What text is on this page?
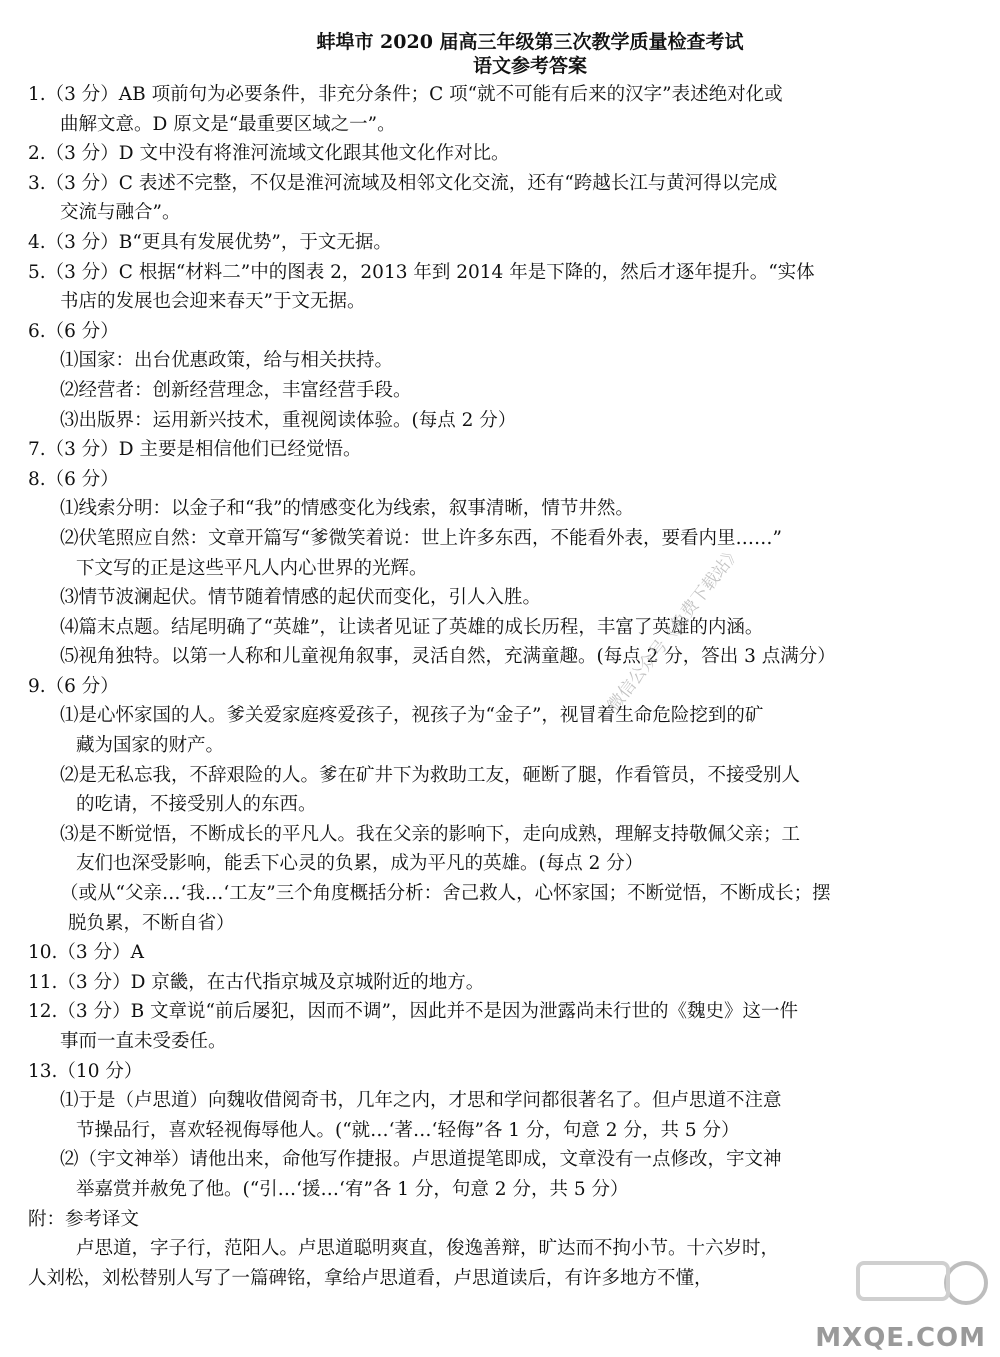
蚌埠市 2020 届高三年级第三次教学质量检查考试
语文参考答案
1.（3 分）AB 项前句为必要条件，非充分条件；C 项“就不可能有后来的汉字”表述绝对化或
曲解文意。D 原文是“最重要区域之一”。
2.（3 分）D 文中没有将淮河流域文化跟其他文化作对比。
3.（3 分）C 表述不完整，不仅是淮河流域及相邻文化交流，还有“跨越长江与黄河得以完成
交流与融合”。
4.（3 分）B“更具有发展优势”，于文无据。
5.（3 分）C 根据“材料二”中的图表 2，2013 年到 2014 年是下降的，然后才逐年提升。“实体
书店的发展也会迎来春天”于文无据。
6.（6 分）
⑴国家：出台优惠政策，给与相关扶持。
⑵经营者：创新经营理念，丰富经营手段。
⑶出版界：运用新兴技术，重视阅读体验。(每点 2 分）
7.（3 分）D 主要是相信他们已经觉悟。
8.（6 分）
⑴线索分明：以金子和“我”的情感变化为线索，叙事清晰，情节井然。
⑵伏笔照应自然：文章开篇写“爹微笑着说：世上许多东西，不能看外表，要看内里……”
下文写的正是这些平凡人内心世界的光辉。
⑶情节波澜起伏。情节随着情感的起伏而变化，引人入胜。
⑷篇末点题。结尾明确了“英雄”，让读者见证了英雄的成长历程，丰富了英雄的内涵。
⑸视角独特。以第一人称和儿童视角叙事，灵活自然，充满童趣。(每点 2 分，答出 3 点满分）
9.（6 分）
⑴是心怀家国的人。爹关爱家庭疼爱孩子，视孩子为“金子”，视冒着生命危险挖到的矿
藏为国家的财产。
⑵是无私忘我，不辞艰险的人。爹在矿井下为救助工友，砸断了腿，作看管员，不接受别人
的吃请，不接受别人的东西。
⑶是不断觉悟，不断成长的平凡人。我在父亲的影响下，走向成熟，理解支持敬佩父亲；工
友们也深受影响，能丢下心灵的负累，成为平凡的英雄。(每点 2 分）
（或从“父亲…‘我…‘工友”三个角度概括分析：舍己救人，心怀家国；不断觉悟，不断成长；摆
脱负累，不断自省）
10.（3 分）A
11.（3 分）D 京畿，在古代指京城及京城附近的地方。
12.（3 分）B 文章说“前后屡犯，因而不调”，因此并不是因为泄露尚未行世的《魏史》这一件
事而一直未受委任。
13.（10 分）
⑴于是（卢思道）向魏收借阅奇书，几年之内，才思和学问都很著名了。但卢思道不注意
节操品行，喜欢轻视侮辱他人。(“就…‘著…‘轻侮”各 1 分，句意 2 分，共 5 分）
⑵（宇文神举）请他出来，命他写作捷报。卢思道提笔即成，文章没有一点修改，宇文神
举嘉赏并赦免了他。(“引…‘援…‘宥”各 1 分，句意 2 分，共 5 分）
附：参考译文
卢思道，字子行，范阳人。卢思道聪明爽直，俊逸善辩，旷达而不拘小节。十六岁时，
人刘松，刘松替别人写了一篇碑铭，拿给卢思道看，卢思道读后，有许多地方不懂，
微信公众号《免费下载站》
MXQE.COM
